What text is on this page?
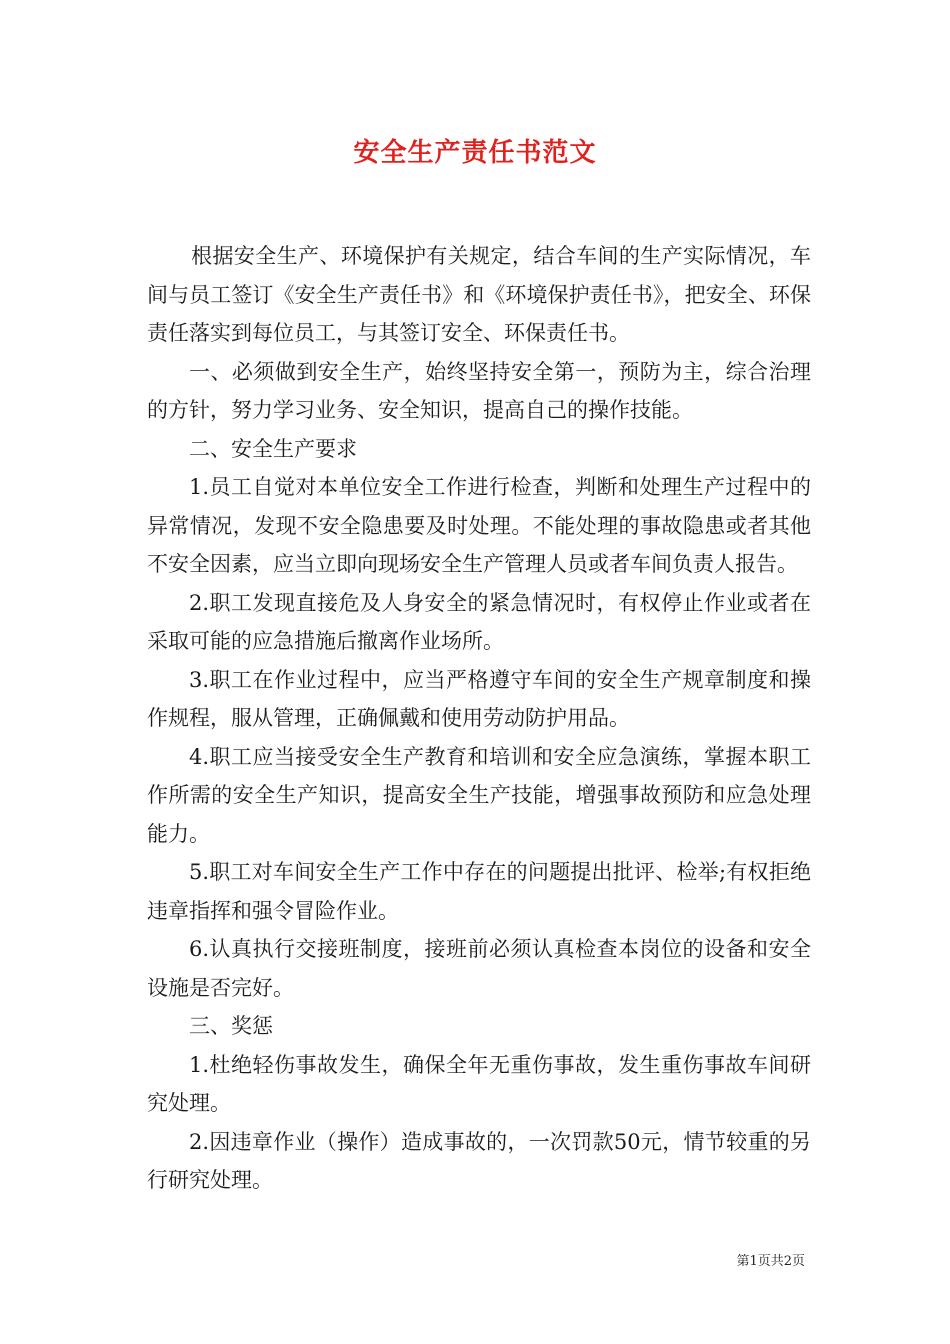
安全生产责任书范文

根据安全生产、环境保护有关规定，结合车间的生产实际情况，车间与员工签订《安全生产责任书》和《环境保护责任书》，把安全、环保责任落实到每位员工，与其签订安全、环保责任书。

一、必须做到安全生产，始终坚持安全第一，预防为主，综合治理的方针，努力学习业务、安全知识，提高自己的操作技能。

二、安全生产要求

1.员工自觉对本单位安全工作进行检查，判断和处理生产过程中的异常情况，发现不安全隐患要及时处理。不能处理的事故隐患或者其他不安全因素，应当立即向现场安全生产管理人员或者车间负责人报告。

2.职工发现直接危及人身安全的紧急情况时，有权停止作业或者在采取可能的应急措施后撤离作业场所。

3.职工在作业过程中，应当严格遵守车间的安全生产规章制度和操作规程，服从管理，正确佩戴和使用劳动防护用品。

4.职工应当接受安全生产教育和培训和安全应急演练，掌握本职工作所需的安全生产知识，提高安全生产技能，增强事故预防和应急处理能力。

5.职工对车间安全生产工作中存在的问题提出批评、检举;有权拒绝违章指挥和强令冒险作业。

6.认真执行交接班制度，接班前必须认真检查本岗位的设备和安全设施是否完好。

三、奖惩

1.杜绝轻伤事故发生，确保全年无重伤事故，发生重伤事故车间研究处理。

2.因违章作业（操作）造成事故的，一次罚款50元，情节较重的另行研究处理。

第1页共2页
